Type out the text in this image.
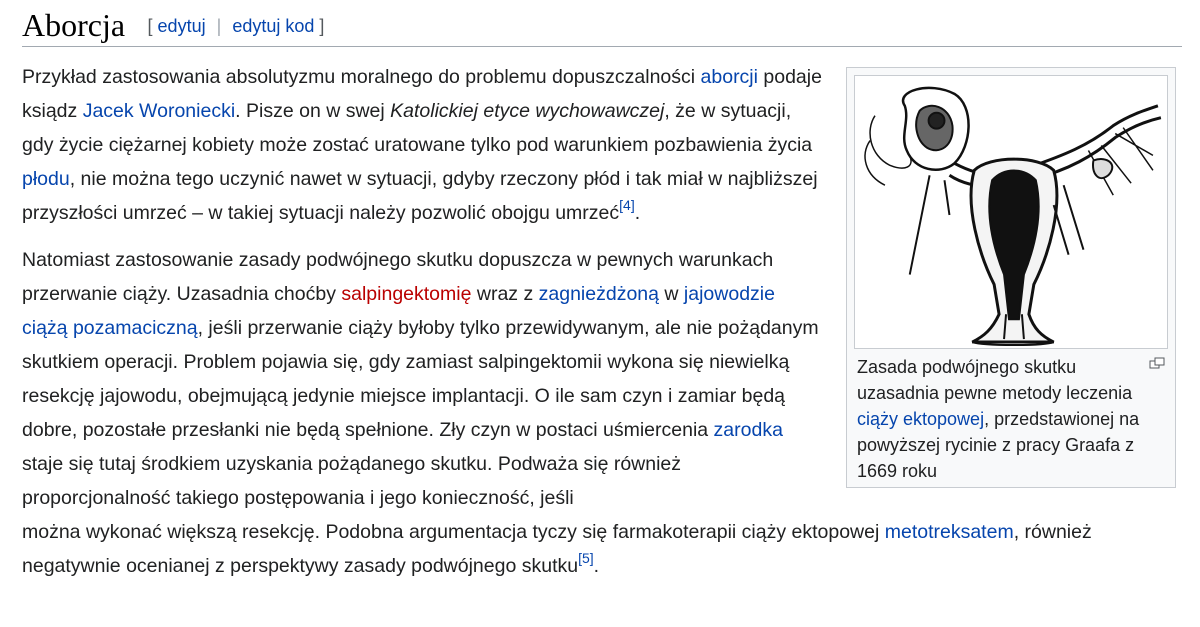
Aborcja [ edytuj | edytuj kod ]
Zasada podwójnego skutku uzasadnia pewne metody leczenia ciąży ektopowej, przedstawionej na powyższej rycinie z pracy Graafa z 1669 roku

Przykład zastosowania absolutyzmu moralnego do problemu dopuszczalności aborcji podaje ksiądz Jacek Woroniecki. Pisze on w swej Katolickiej etyce wychowawczej, że w sytuacji, gdy życie ciężarnej kobiety może zostać uratowane tylko pod warunkiem pozbawienia życia płodu, nie można tego uczynić nawet w sytuacji, gdyby rzeczony płód i tak miał w najbliższej przyszłości umrzeć – w takiej sytuacji należy pozwolić obojgu umrzeć[4].

Natomiast zastosowanie zasady podwójnego skutku dopuszcza w pewnych warunkach przerwanie ciąży. Uzasadnia choćby salpingektomię wraz z zagnieżdżoną w jajowodzie ciążą pozamaciczną, jeśli przerwanie ciąży byłoby tylko przewidywanym, ale nie pożądanym skutkiem operacji. Problem pojawia się, gdy zamiast salpingektomii wykona się niewielką resekcję jajowodu, obejmującą jedynie miejsce implantacji. O ile sam czyn i zamiar będą dobre, pozostałe przesłanki nie będą spełnione. Zły czyn w postaci uśmiercenia zarodka staje się tutaj środkiem uzyskania pożądanego skutku. Podważa się również proporcjonalność takiego postępowania i jego konieczność, jeśli
można wykonać większą resekcję. Podobna argumentacja tyczy się farmakoterapii ciąży ektopowej metotreksatem, również negatywnie ocenianej z perspektywy zasady podwójnego skutku[5].
